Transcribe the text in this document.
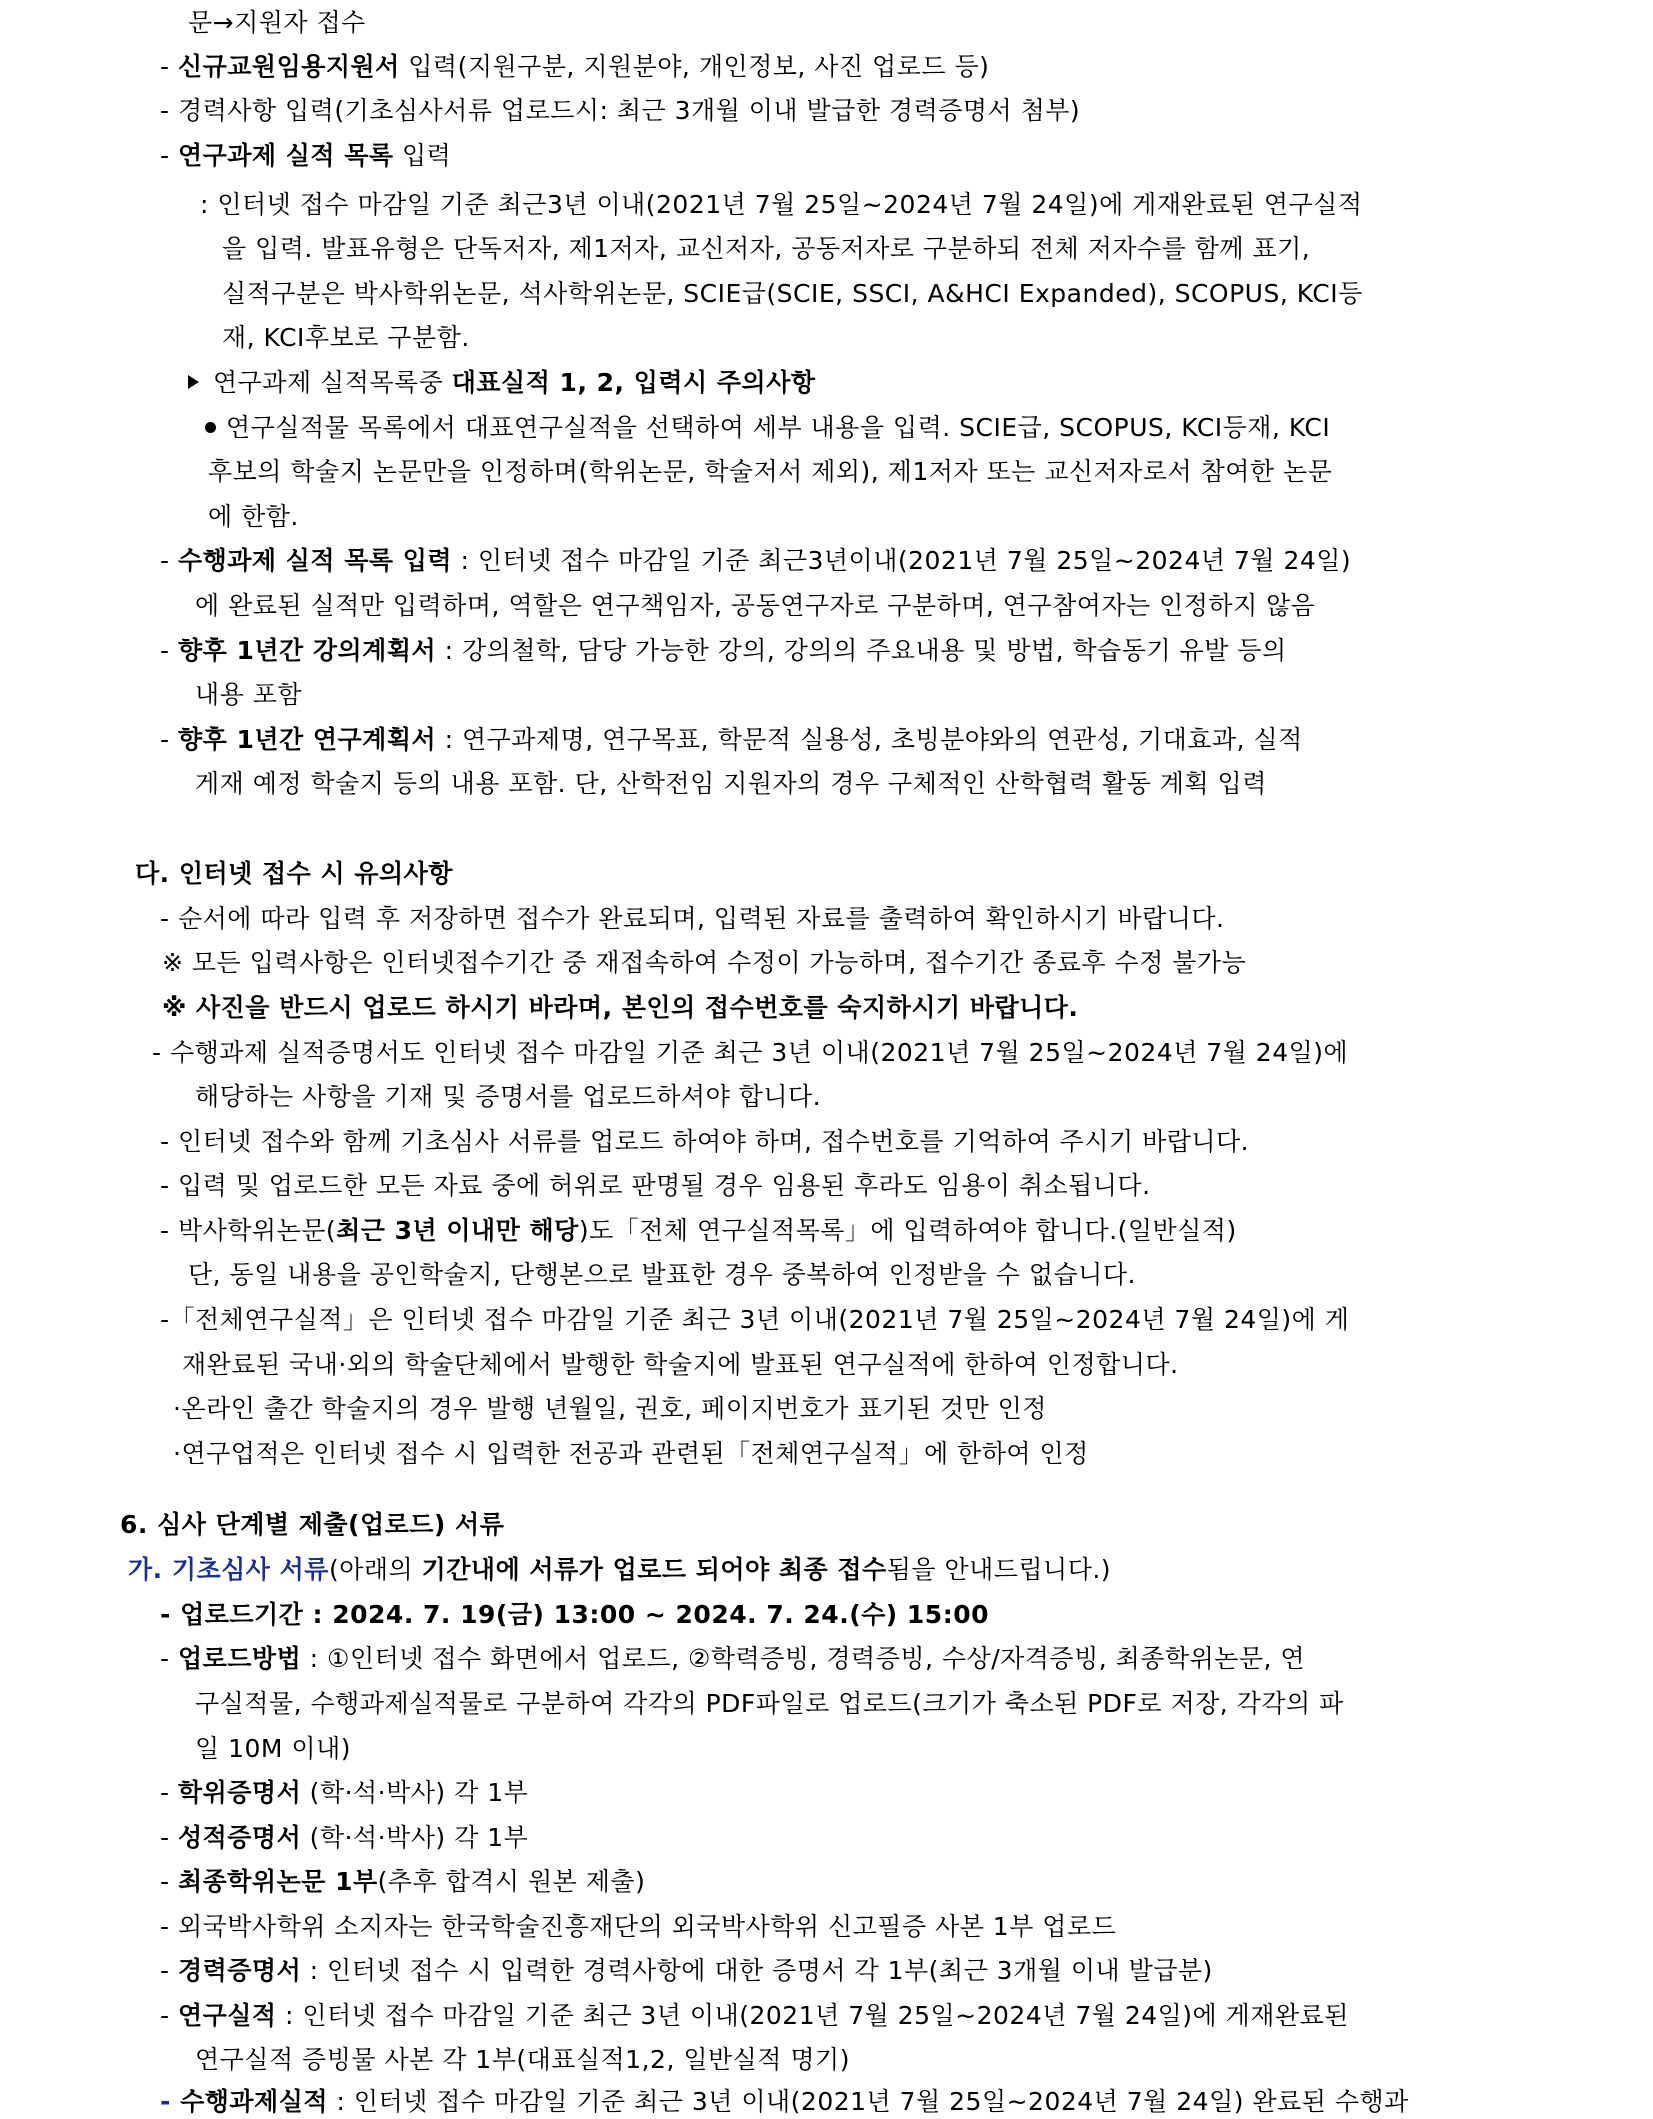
문→지원자 접수
- 신규교원임용지원서 입력(지원구분, 지원분야, 개인정보, 사진 업로드 등)
- 경력사항 입력(기초심사서류 업로드시: 최근 3개월 이내 발급한 경력증명서 첨부)
- 연구과제 실적 목록 입력
: 인터넷 접수 마감일 기준 최근3년 이내(2021년 7월 25일~2024년 7월 24일)에 게재완료된 연구실적
을 입력. 발표유형은 단독저자, 제1저자, 교신저자, 공동저자로 구분하되 전체 저자수를 함께 표기,
실적구분은 박사학위논문, 석사학위논문, SCIE급(SCIE, SSCI, A&HCI Expanded), SCOPUS, KCI등
재, KCI후보로 구분함.
연구과제 실적목록중 대표실적 1, 2, 입력시 주의사항
연구실적물 목록에서 대표연구실적을 선택하여 세부 내용을 입력. SCIE급, SCOPUS, KCI등재, KCI
후보의 학술지 논문만을 인정하며(학위논문, 학술저서 제외), 제1저자 또는 교신저자로서 참여한 논문
에 한함.
- 수행과제 실적 목록 입력 : 인터넷 접수 마감일 기준 최근3년이내(2021년 7월 25일~2024년 7월 24일)
에 완료된 실적만 입력하며, 역할은 연구책임자, 공동연구자로 구분하며, 연구참여자는 인정하지 않음
- 향후 1년간 강의계획서 : 강의철학, 담당 가능한 강의, 강의의 주요내용 및 방법, 학습동기 유발 등의
내용 포함
- 향후 1년간 연구계획서 : 연구과제명, 연구목표, 학문적 실용성, 초빙분야와의 연관성, 기대효과, 실적
게재 예정 학술지 등의 내용 포함. 단, 산학전임 지원자의 경우 구체적인 산학협력 활동 계획 입력
다. 인터넷 접수 시 유의사항
- 순서에 따라 입력 후 저장하면 접수가 완료되며, 입력된 자료를 출력하여 확인하시기 바랍니다.
※ 모든 입력사항은 인터넷접수기간 중 재접속하여 수정이 가능하며, 접수기간 종료후 수정 불가능
※ 사진을 반드시 업로드 하시기 바라며, 본인의 접수번호를 숙지하시기 바랍니다.
- 수행과제 실적증명서도 인터넷 접수 마감일 기준 최근 3년 이내(2021년 7월 25일~2024년 7월 24일)에
해당하는 사항을 기재 및 증명서를 업로드하셔야 합니다.
- 인터넷 접수와 함께 기초심사 서류를 업로드 하여야 하며, 접수번호를 기억하여 주시기 바랍니다.
- 입력 및 업로드한 모든 자료 중에 허위로 판명될 경우 임용된 후라도 임용이 취소됩니다.
- 박사학위논문(최근 3년 이내만 해당)도「전체 연구실적목록」에 입력하여야 합니다.(일반실적)
단, 동일 내용을 공인학술지, 단행본으로 발표한 경우 중복하여 인정받을 수 없습니다.
-「전체연구실적」은 인터넷 접수 마감일 기준 최근 3년 이내(2021년 7월 25일~2024년 7월 24일)에 게
재완료된 국내·외의 학술단체에서 발행한 학술지에 발표된 연구실적에 한하여 인정합니다.
·온라인 출간 학술지의 경우 발행 년월일, 권호, 페이지번호가 표기된 것만 인정
·연구업적은 인터넷 접수 시 입력한 전공과 관련된「전체연구실적」에 한하여 인정
6. 심사 단계별 제출(업로드) 서류
가. 기초심사 서류(아래의 기간내에 서류가 업로드 되어야 최종 접수됨을 안내드립니다.)
- 업로드기간 : 2024. 7. 19(금) 13:00 ~ 2024. 7. 24.(수) 15:00
- 업로드방법 : ①인터넷 접수 화면에서 업로드, ②학력증빙, 경력증빙, 수상/자격증빙, 최종학위논문, 연
구실적물, 수행과제실적물로 구분하여 각각의 PDF파일로 업로드(크기가 축소된 PDF로 저장, 각각의 파
일 10M 이내)
- 학위증명서 (학·석·박사) 각 1부
- 성적증명서 (학·석·박사) 각 1부
- 최종학위논문 1부(추후 합격시 원본 제출)
- 외국박사학위 소지자는 한국학술진흥재단의 외국박사학위 신고필증 사본 1부 업로드
- 경력증명서 : 인터넷 접수 시 입력한 경력사항에 대한 증명서 각 1부(최근 3개월 이내 발급분)
- 연구실적 : 인터넷 접수 마감일 기준 최근 3년 이내(2021년 7월 25일~2024년 7월 24일)에 게재완료된
연구실적 증빙물 사본 각 1부(대표실적1,2, 일반실적 명기)
- 수행과제실적 : 인터넷 접수 마감일 기준 최근 3년 이내(2021년 7월 25일~2024년 7월 24일) 완료된 수행과
